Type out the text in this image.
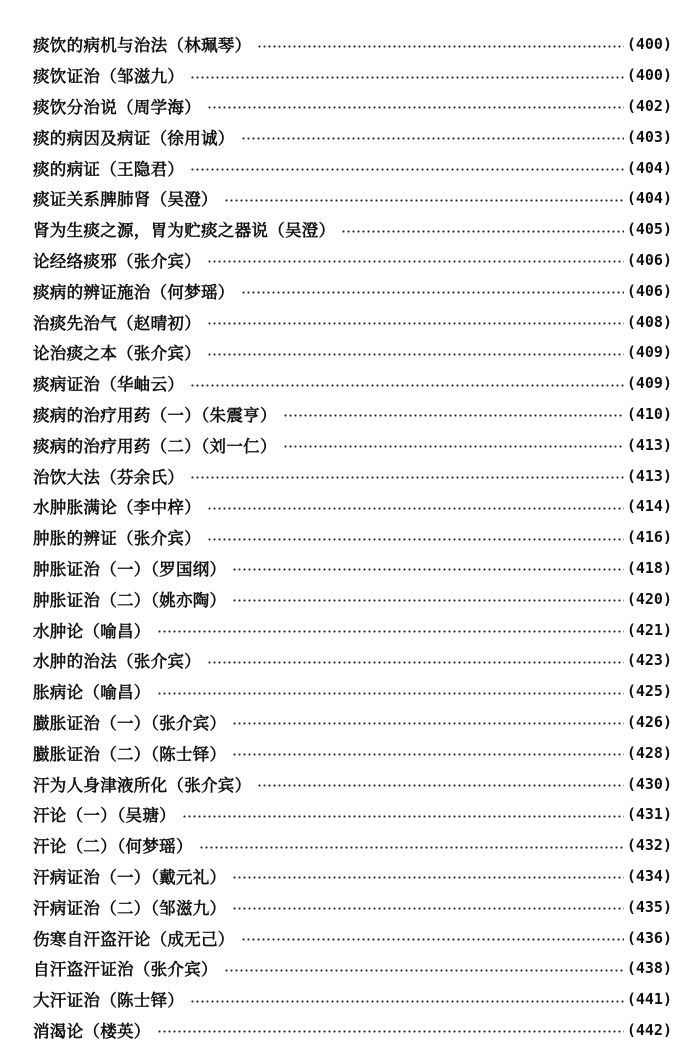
痰饮的病机与治法（林珮琴）	(400)
痰饮证治（邹滋九）	(400)
痰饮分治说（周学海）	(402)
痰的病因及病证（徐用诚）	(403)
痰的病证（王隐君）	(404)
痰证关系脾肺肾（吴澄）	(404)
肾为生痰之源，胃为贮痰之器说（吴澄）	(405)
论经络痰邪（张介宾）	(406)
痰病的辨证施治（何梦瑶）	(406)
治痰先治气（赵晴初）	(408)
论治痰之本（张介宾）	(409)
痰病证治（华岫云）	(409)
痰病的治疗用药（一）（朱震亨）	(410)
痰病的治疗用药（二）（刘一仁）	(413)
治饮大法（芬余氏）	(413)
水肿胀满论（李中梓）	(414)
肿胀的辨证（张介宾）	(416)
肿胀证治（一）（罗国纲）	(418)
肿胀证治（二）（姚亦陶）	(420)
水肿论（喻昌）	(421)
水肿的治法（张介宾）	(423)
胀病论（喻昌）	(425)
臌胀证治（一）（张介宾）	(426)
臌胀证治（二）（陈士铎）	(428)
汗为人身津液所化（张介宾）	(430)
汗论（一）（吴瑭）	(431)
汗论（二）（何梦瑶）	(432)
汗病证治（一）（戴元礼）	(434)
汗病证治（二）（邹滋九）	(435)
伤寒自汗盗汗论（成无己）	(436)
自汗盗汗证治（张介宾）	(438)
大汗证治（陈士铎）	(441)
消渴论（楼英）	(442)
